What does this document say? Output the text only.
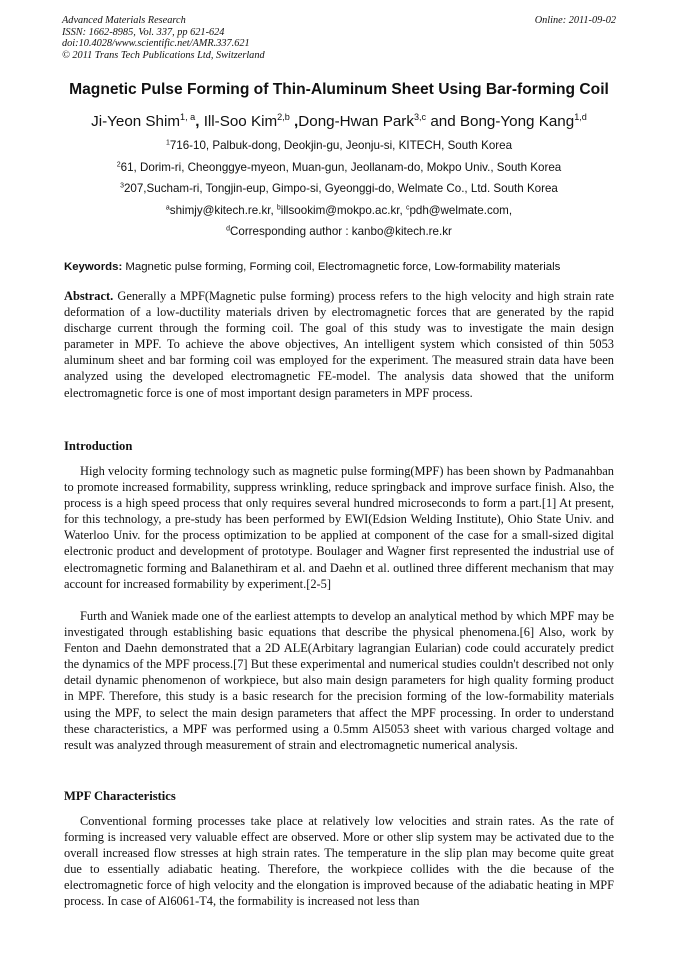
Advanced Materials Research
ISSN: 1662-8985, Vol. 337, pp 621-624
doi:10.4028/www.scientific.net/AMR.337.621
© 2011 Trans Tech Publications Ltd, Switzerland
Online: 2011-09-02
Magnetic Pulse Forming of Thin-Aluminum Sheet Using Bar-forming Coil
Ji-Yeon Shim$^{1, a}$, Ill-Soo Kim$^{2,b}$ ,Dong-Hwan Park$^{3,c}$ and Bong-Yong Kang$^{1,d}$
$^1$716-10, Palbuk-dong, Deokjin-gu, Jeonju-si, KITECH, South Korea
$^2$61, Dorim-ri, Cheonggye-myeon, Muan-gun, Jeollanam-do, Mokpo Univ., South Korea
$^3$207,Sucham-ri, Tongjin-eup, Gimpo-si, Gyeonggi-do, Welmate Co., Ltd. South Korea
$^a$shimjy@kitech.re.kr, $^b$illsookim@mokpo.ac.kr, $^c$pdh@welmate.com,
$^d$Corresponding author : kanbo@kitech.re.kr
Keywords: Magnetic pulse forming, Forming coil, Electromagnetic force, Low-formability materials

Abstract. Generally a MPF(Magnetic pulse forming) process refers to the high velocity and high strain rate deformation of a low-ductility materials driven by electromagnetic forces that are generated by the rapid discharge current through the forming coil. The goal of this study was to investigate the main design parameter in MPF. To achieve the above objectives, An intelligent system which consisted of thin 5053 aluminum sheet and bar forming coil was employed for the experiment. The measured strain data have been analyzed using the developed electromagnetic FE-model. The analysis data showed that the uniform electromagnetic force is one of most important design parameters in MPF process.

Introduction

High velocity forming technology such as magnetic pulse forming(MPF) has been shown by Padmanahban to promote increased formability, suppress wrinkling, reduce springback and improve surface finish. Also, the process is a high speed process that only requires several hundred microseconds to form a part.[1] At present, for this technology, a pre-study has been performed by EWI(Edsion Welding Institute), Ohio State Univ. and Waterloo Univ. for the process optimization to be applied at component of the case for a small-sized digital electronic product and development of prototype. Boulager and Wagner first represented the industrial use of electromagnetic forming and Balanethiram et al. and Daehn et al. outlined three different mechanism that may account for increased formability by experiment.[2-5]

Furth and Waniek made one of the earliest attempts to develop an analytical method by which MPF may be investigated through establishing basic equations that describe the physical phenomena.[6] Also, work by Fenton and Daehn demonstrated that a 2D ALE(Arbitary lagrangian Eularian) code could accurately predict the dynamics of the MPF process.[7] But these experimental and numerical studies couldn't described not only detail dynamic phenomenon of workpiece, but also main design parameters for high quality forming product in MPF. Therefore, this study is a basic research for the precision forming of the low-formability materials using the MPF, to select the main design parameters that affect the MPF processing. In order to understand these characteristics, a MPF was performed using a 0.5mm Al5053 sheet with various charged voltage and result was analyzed through measurement of strain and electromagnetic numerical analysis.

MPF Characteristics

Conventional forming processes take place at relatively low velocities and strain rates. As the rate of forming is increased very valuable effect are observed. More or other slip system may be activated due to the overall increased flow stresses at high strain rates. The temperature in the slip plan may become quite great due to essentially adiabatic heating. Therefore, the workpiece collides with the die because of the electromagnetic force of high velocity and the elongation is improved because of the adiabatic heating in MPF process. In case of Al6061-T4, the formability is increased not less than
